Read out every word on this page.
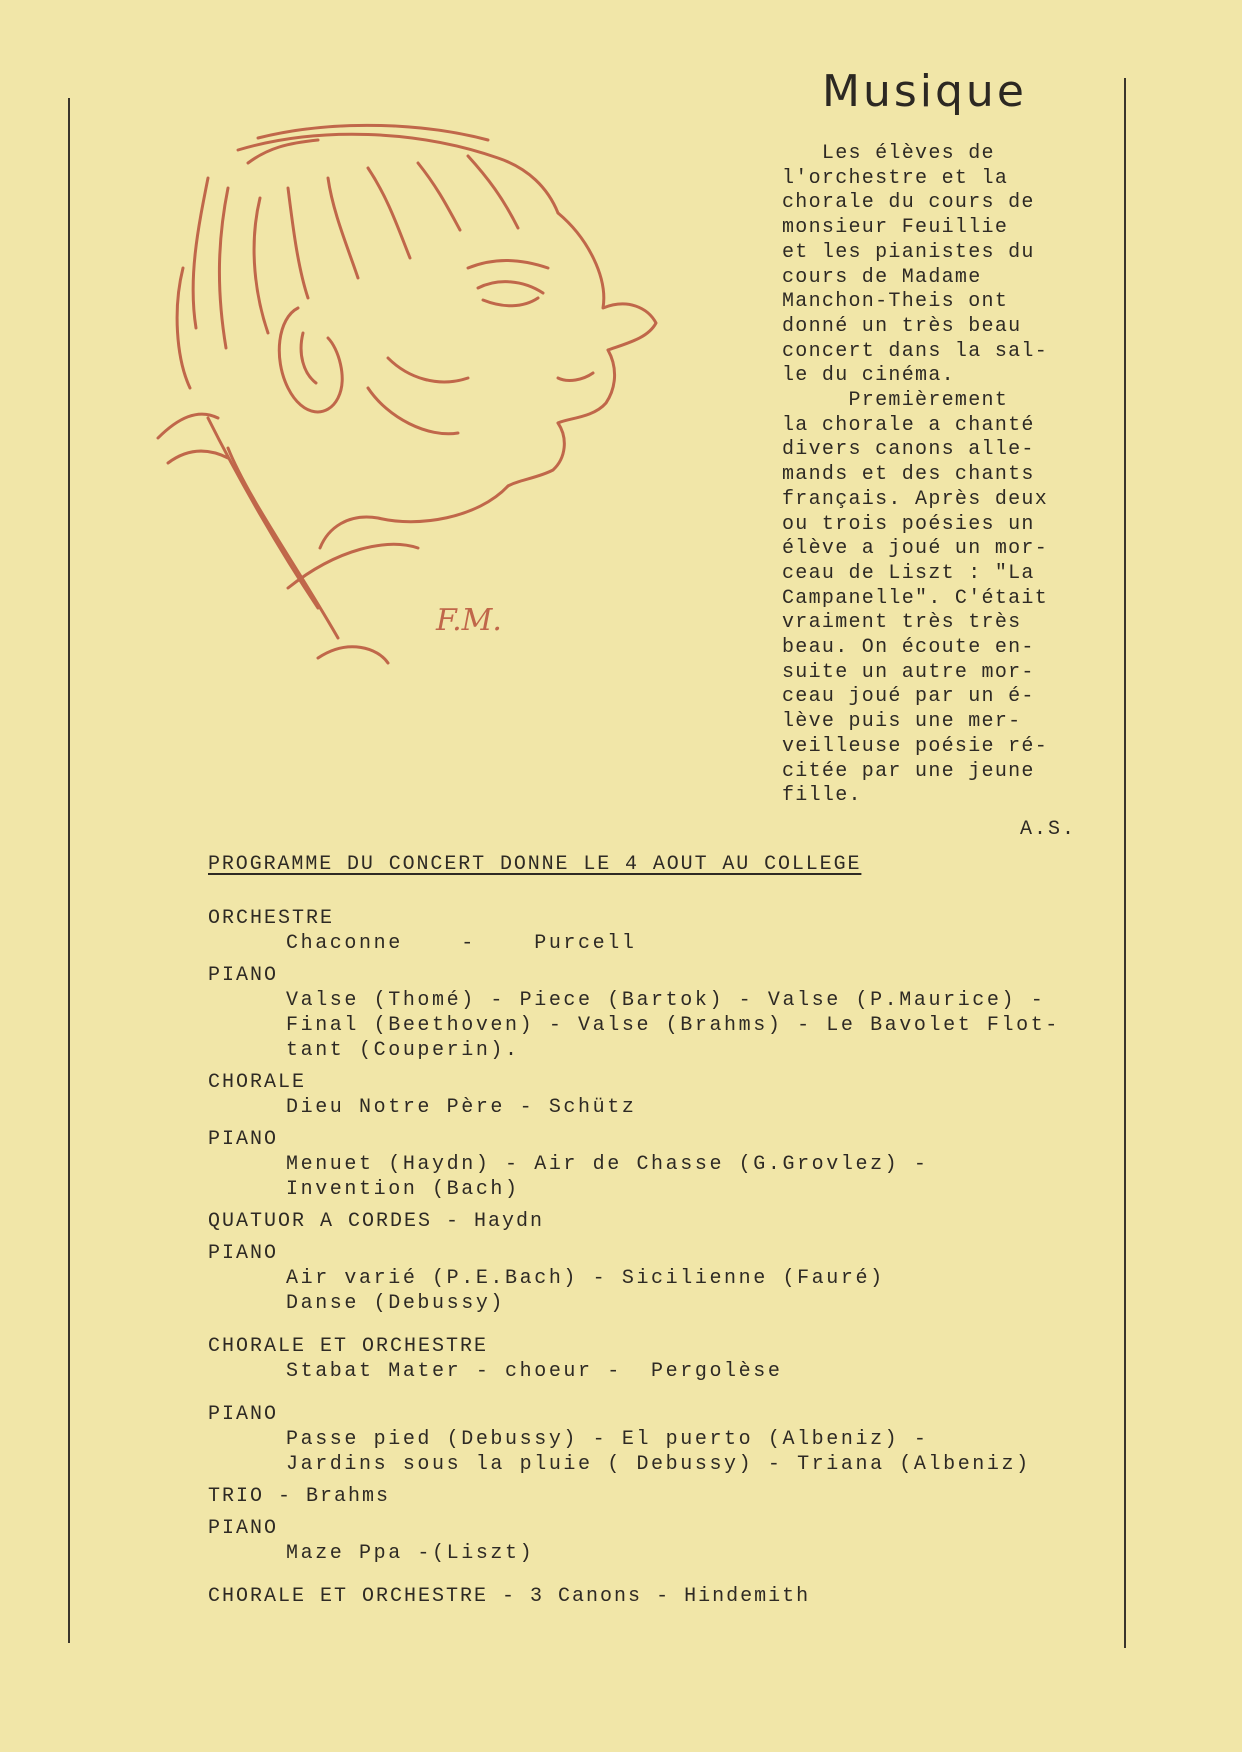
Musique
F.M.
Les élèves de
l'orchestre et la
chorale du cours de
monsieur Feuillie
et les pianistes du
cours de Madame
Manchon-Theis ont
donné un très beau
concert dans la sal-
le du cinéma.
Premièrement
la chorale a chanté
divers canons alle-
mands et des chants
français. Après deux
ou trois poésies un
élève a joué un mor-
ceau de Liszt : "La
Campanelle". C'était
vraiment très très
beau. On écoute en-
suite un autre mor-
ceau joué par un é-
lève puis une mer-
veilleuse poésie ré-
citée par une jeune
fille.
A.S.
PROGRAMME DU CONCERT DONNE LE 4 AOUT AU COLLEGE
ORCHESTRE
Chaconne    -    Purcell
PIANO
Valse (Thomé) - Piece (Bartok) - Valse (P.Maurice) -
Final (Beethoven) - Valse (Brahms) - Le Bavolet Flot-
tant (Couperin).
CHORALE
Dieu Notre Père - Schütz
PIANO
Menuet (Haydn) - Air de Chasse (G.Grovlez) -
Invention (Bach)
QUATUOR A CORDES - Haydn
PIANO
Air varié (P.E.Bach) - Sicilienne (Fauré)
Danse (Debussy)
CHORALE ET ORCHESTRE
Stabat Mater - choeur -  Pergolèse
PIANO
Passe pied (Debussy) - El puerto (Albeniz) -
Jardins sous la pluie ( Debussy) - Triana (Albeniz)
TRIO - Brahms
PIANO
Maze Ppa -(Liszt)
CHORALE ET ORCHESTRE - 3 Canons - Hindemith
